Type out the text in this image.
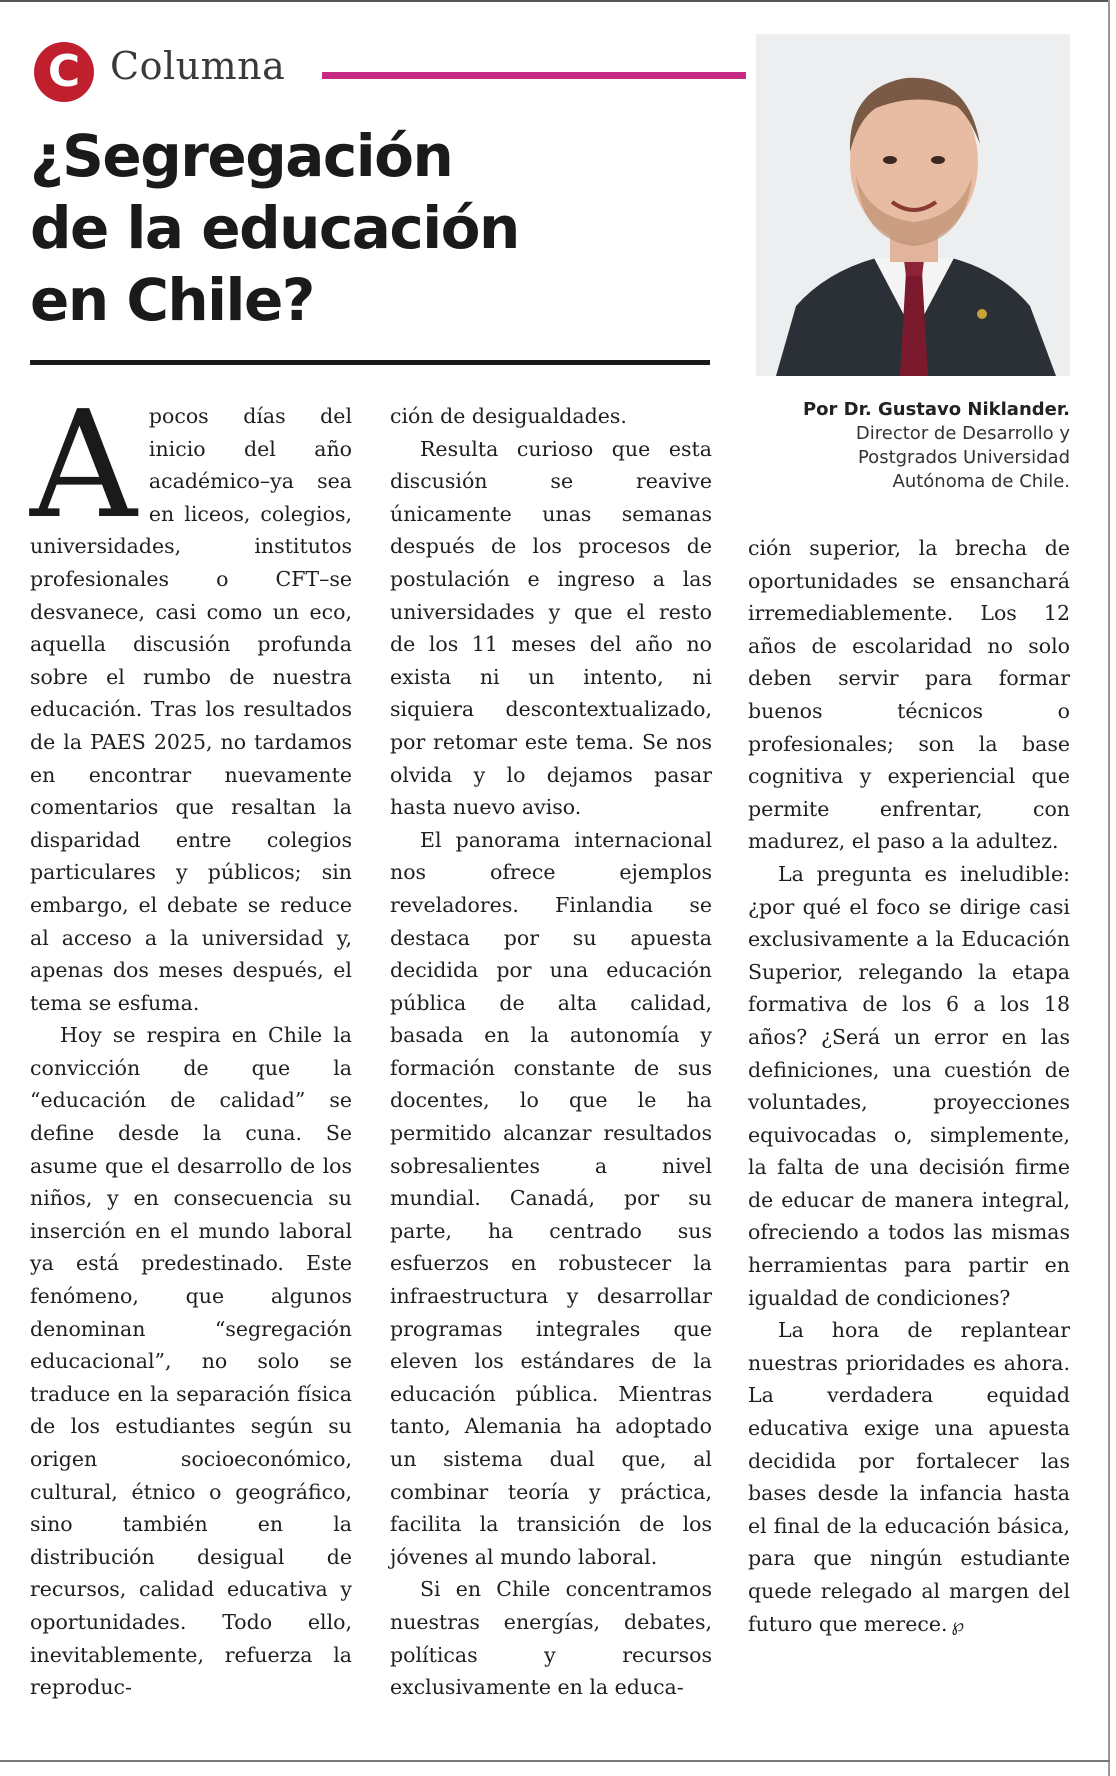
C Columna
¿Segregación
de la educación
en Chile?
Por Dr. Gustavo Niklander.
Director de Desarrollo y
Postgrados Universidad
Autónoma de Chile.

Apocos días del inicio del año académico–ya sea en liceos, colegios, universidades, institutos profesionales o CFT–se desvanece, casi como un eco, aquella discusión profunda sobre el rumbo de nuestra educación. Tras los resultados de la PAES 2025, no tardamos en encontrar nuevamente comentarios que resaltan la disparidad entre colegios particulares y públicos; sin embargo, el debate se reduce al acceso a la universidad y, apenas dos meses después, el tema se esfuma.

Hoy se respira en Chile la convicción de que la “educación de calidad” se define desde la cuna. Se asume que el desarrollo de los niños, y en consecuencia su inserción en el mundo laboral ya está predestinado. Este fenómeno, que algunos denominan “segregación educacional”, no solo se traduce en la separación física de los estudiantes según su origen socioeconómico, cultural, étnico o geográfico, sino también en la distribución desigual de recursos, calidad educativa y oportunidades. Todo ello, inevitablemente, refuerza la reproduc-

ción de desigualdades.

Resulta curioso que esta discusión se reavive únicamente unas semanas después de los procesos de postulación e ingreso a las universidades y que el resto de los 11 meses del año no exista ni un intento, ni siquiera descontextualizado, por retomar este tema. Se nos olvida y lo dejamos pasar hasta nuevo aviso.

El panorama internacional nos ofrece ejemplos reveladores. Finlandia se destaca por su apuesta decidida por una educación pública de alta calidad, basada en la autonomía y formación constante de sus docentes, lo que le ha permitido alcanzar resultados sobresalientes a nivel mundial. Canadá, por su parte, ha centrado sus esfuerzos en robustecer la infraestructura y desarrollar programas integrales que eleven los estándares de la educación pública. Mientras tanto, Alemania ha adoptado un sistema dual que, al combinar teoría y práctica, facilita la transición de los jóvenes al mundo laboral.

Si en Chile concentramos nuestras energías, debates, políticas y recursos exclusivamente en la educa-

ción superior, la brecha de oportunidades se ensanchará irremediablemente. Los 12 años de escolaridad no solo deben servir para formar buenos técnicos o profesionales; son la base cognitiva y experiencial que permite enfrentar, con madurez, el paso a la adultez.

La pregunta es ineludible: ¿por qué el foco se dirige casi exclusivamente a la Educación Superior, relegando la etapa formativa de los 6 a los 18 años? ¿Será un error en las definiciones, una cuestión de voluntades, proyecciones equivocadas o, simplemente, la falta de una decisión firme de educar de manera integral, ofreciendo a todos las mismas herramientas para partir en igualdad de condiciones?

La hora de replantear nuestras prioridades es ahora. La verdadera equidad educativa exige una apuesta decidida por fortalecer las bases desde la infancia hasta el final de la educación básica, para que ningún estudiante quede relegado al margen del futuro que merece. ℘
